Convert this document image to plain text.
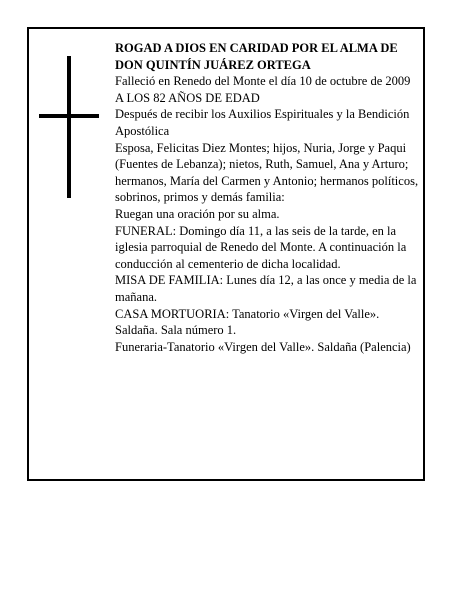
ROGAD A DIOS EN CARIDAD POR EL ALMA DE

DON QUINTÍN JUÁREZ ORTEGA

Falleció en Renedo del Monte el día 10 de octubre de 2009

A LOS 82 AÑOS DE EDAD

Después de recibir los Auxilios Espirituales y la Bendición Apostólica

Esposa, Felicitas Diez Montes; hijos, Nuria, Jorge y Paqui (Fuentes de Lebanza); nietos, Ruth, Samuel, Ana y Arturo; hermanos, María del Carmen y Antonio; hermanos políticos, sobrinos, primos y demás familia:

Ruegan una oración por su alma.

FUNERAL: Domingo día 11, a las seis de la tarde, en la iglesia parroquial de Renedo del Monte. A continuación la conducción al cementerio de dicha localidad.

MISA DE FAMILIA: Lunes día 12, a las once y media de la mañana.

CASA MORTUORIA: Tanatorio «Virgen del Valle». Saldaña. Sala número 1.

Funeraria-Tanatorio «Virgen del Valle». Saldaña (Palencia)
